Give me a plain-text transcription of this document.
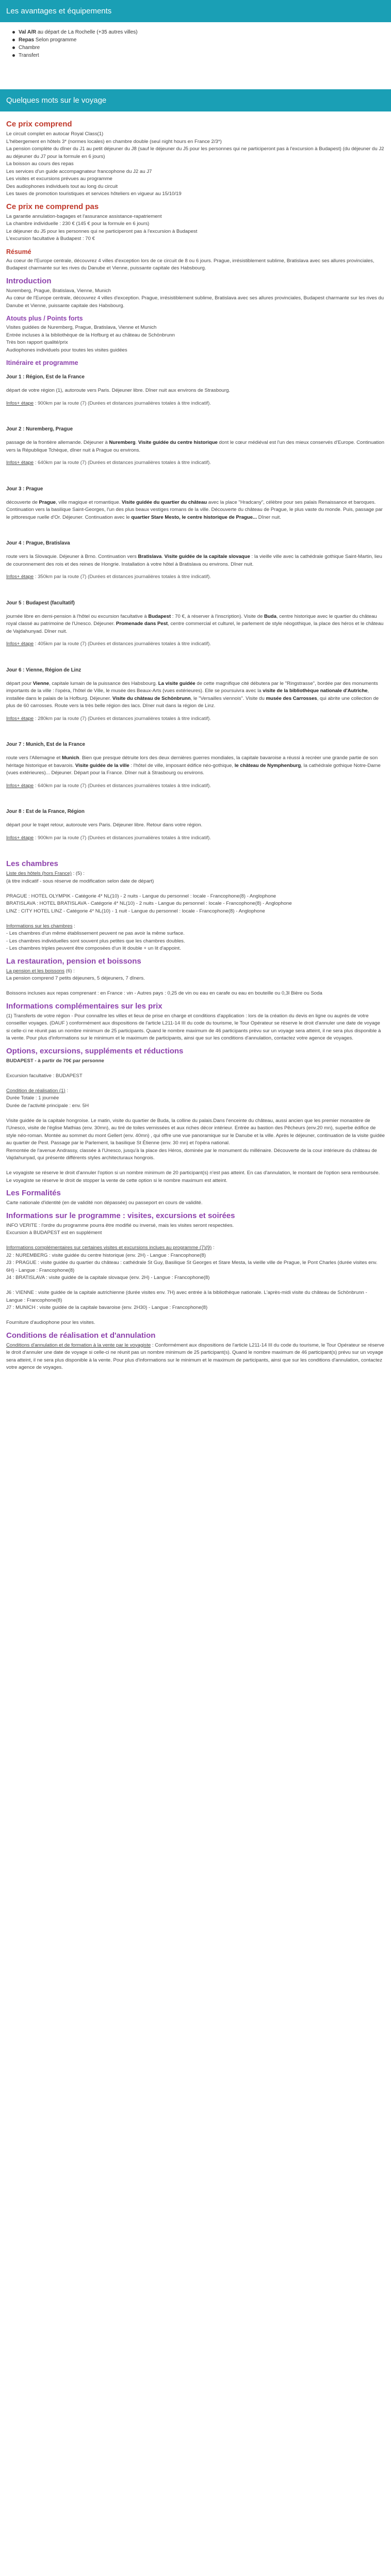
Les avantages et équipements
Val A/R au départ de La Rochelle (+35 autres villes)
Repas Selon programme
Chambre
Transfert
Quelques mots sur le voyage
Ce prix comprend

Le circuit complet en autocar Royal Class(1)

L'hébergement en hôtels 3* (normes locales) en chambre double (seul night hours en France 2/3*)

La pension complète du dîner du J1 au petit déjeuner du J8 (sauf le déjeuner du J5 pour les personnes qui ne participeront pas à l'excursion à Budapest) (du déjeuner du J2 au déjeuner du J7 pour la formule en 6 jours)

La boisson au cours des repas

Les services d'un guide accompagnateur francophone du J2 au J7

Les visites et excursions prévues au programme

Des audiophones individuels tout au long du circuit

Les taxes de promotion touristiques et services hôteliers en vigueur au 15/10/19

Ce prix ne comprend pas

La garantie annulation-bagages et l'assurance assistance-rapatriement

La chambre individuelle : 230 € (145 € pour la formule en 6 jours)

Le déjeuner du J5 pour les personnes qui ne participeront pas à l'excursion à Budapest

L'excursion facultative à Budapest : 70 €

Résumé

Au coeur de l'Europe centrale, découvrez 4 villes d'exception lors de ce circuit de 8 ou 6 jours. Prague, irrésistiblement sublime, Bratislava avec ses allures provinciales, Budapest charmante sur les rives du Danube et Vienne, puissante capitale des Habsbourg.

Introduction

Nuremberg, Prague, Bratislava, Vienne, Munich

Au cœur de l'Europe centrale, découvrez 4 villes d'exception. Prague, irrésistiblement sublime, Bratislava avec ses allures provinciales, Budapest charmante sur les rives du Danube et Vienne, puissante capitale des Habsbourg.

Atouts plus / Points forts

Visites guidées de Nuremberg, Prague, Bratislava, Vienne et Munich

Entrée incluses à la bibliothèque de la Hofburg et au château de Schönbrunn

Très bon rapport qualité/prix

Audiophones individuels pour toutes les visites guidées

Itinéraire et programme
Jour 1 : Région, Est de la France
départ de votre région (1), autoroute vers Paris. Déjeuner libre. Dîner nuit aux environs de Strasbourg.
Infos+ étape : 900km par la route (7) (Durées et distances journalières totales à titre indicatif).
Jour 2 : Nuremberg, Prague
passage de la frontière allemande. Déjeuner à Nuremberg. Visite guidée du centre historique dont le cœur médiéval est l'un des mieux conservés d'Europe. Continuation vers la République Tchèque, dîner nuit à Prague ou environs.
Infos+ étape : 640km par la route (7) (Durées et distances journalières totales à titre indicatif).
Jour 3 : Prague
découverte de Prague, ville magique et romantique. Visite guidée du quartier du château avec la place "Hradcany", célèbre pour ses palais Renaissance et baroques. Continuation vers la basilique Saint-Georges, l'un des plus beaux vestiges romans de la ville. Découverte du château de Prague, le plus vaste du monde. Puis, passage par le pittoresque ruelle d'Or. Déjeuner. Continuation avec le quartier Stare Mesto, le centre historique de Prague... Dîner nuit.
Jour 4 : Prague, Bratislava
route vers la Slovaquie. Déjeuner à Brno. Continuation vers Bratislava. Visite guidée de la capitale slovaque : la vieille ville avec la cathédrale gothique Saint-Martin, lieu de couronnement des rois et des reines de Hongrie. Installation à votre hôtel à Bratislava ou environs. Dîner nuit.
Infos+ étape : 350km par la route (7) (Durées et distances journalières totales à titre indicatif).
Jour 5 : Budapest (facultatif)
journée libre en demi-pension à l'hôtel ou excursion facultative à Budapest : 70 €, à réserver à l'inscription). Visite de Buda, centre historique avec le quartier du château royal classé au patrimoine de l'Unesco. Déjeuner. Promenade dans Pest, centre commercial et culturel, le parlement de style néogothique, la place des héros et le château de Vajdahunyad. Dîner nuit.
Infos+ étape : 405km par la route (7) (Durées et distances journalières totales à titre indicatif).
Jour 6 : Vienne, Région de Linz
départ pour Vienne, capitale lumain de la puissance des Habsbourg. La visite guidée de cette magnifique cité débutera par le "Ringstrasse", bordée par des monuments importants de la ville : l'opéra, l'hôtel de Ville, le musée des Beaux-Arts (vues extérieures). Elle se poursuivra avec la visite de la bibliothèque nationale d'Autriche, installée dans le palais de la Hofburg. Déjeuner. Visite du château de Schönbrunn, le "Versailles viennois". Visite du musée des Carrosses, qui abrite une collection de plus de 60 carrosses. Route vers la très belle région des lacs. Dîner nuit dans la région de Linz.
Infos+ étape : 280km par la route (7) (Durées et distances journalières totales à titre indicatif).
Jour 7 : Munich, Est de la France
route vers l'Allemagne et Munich. Bien que presque détruite lors des deux dernières guerres mondiales, la capitale bavaroise a réussi à recréer une grande partie de son héritage historique et bavarois. Visite guidée de la ville : l'hôtel de ville, imposant édifice néo-gothique, le château de Nymphenburg, la cathédrale gothique Notre-Dame (vues extérieures)... Déjeuner. Départ pour la France. Dîner nuit à Strasbourg ou environs.
Infos+ étape : 640km par la route (7) (Durées et distances journalières totales à titre indicatif).
Jour 8 : Est de la France, Région
départ pour le trajet retour, autoroute vers Paris. Déjeuner libre. Retour dans votre région.
Infos+ étape : 900km par la route (7) (Durées et distances journalières totales à titre indicatif).
Les chambres

Liste des hôtels (hors France) : (5) :

(à titre indicatif - sous réserve de modification selon date de départ)

PRAGUE : HOTEL OLYMPIK - Catégorie 4* NL(10) - 2 nuits - Langue du personnel : locale - Francophone(8) - Anglophone

BRATISLAVA : HOTEL BRATISLAVA - Catégorie 4* NL(10) - 2 nuits - Langue du personnel : locale - Francophone(8) - Anglophone

LINZ : CITY HOTEL LINZ - Catégorie 4* NL(10) - 1 nuit - Langue du personnel : locale - Francophone(8) - Anglophone

Informations sur les chambres :

- Les chambres d'un même établissement peuvent ne pas avoir la même surface.

- Les chambres individuelles sont souvent plus petites que les chambres doubles.

- Les chambres triples peuvent être composées d'un lit double + un lit d'appoint.

La restauration, pension et boissons

La pension et les boissons (6) :

La pension comprend 7 petits déjeuners, 5 déjeuners, 7 dîners.

Boissons incluses aux repas comprenant : en France : vin - Autres pays : 0,25 de vin ou eau en carafe ou eau en bouteille ou 0,3l Bière ou Soda

Informations complémentaires sur les prix

(1) Transferts de votre région - Pour connaître les villes et lieux de prise en charge et conditions d'application : lors de la création du devis en ligne ou auprès de votre conseiller voyages. (DAUF ) conformément aux dispositions de l'article L211-14 III du code du tourisme, le Tour Opérateur se réserve le droit d'annuler une date de voyage si celle-ci ne réunit pas un nombre minimum de 25 participants. Quand le nombre maximum de 46 participants prévu sur un voyage sera atteint, il ne sera plus disponible à la vente. Pour plus d'informations sur le minimum et le maximum de participants, ainsi que sur les conditions d'annulation, contactez votre agence de voyages.

Options, excursions, suppléments et réductions

BUDAPEST - à partir de 70€ par personne

Excursion facultative : BUDAPEST

Condition de réalisation (1) :

Durée Totale : 1 journée

Durée de l'activité principale : env. 5H

Visite guidée de la capitale hongroise. Le matin, visite du quartier de Buda, la colline du palais.Dans l'enceinte du château, aussi ancien que les premier monastère de l'Unesco, visite de l'église Mathias (env. 30mn), au tiré de toiles vernissées et aux riches décor intérieur. Entrée au bastion des Pêcheurs (env.20 mn), superbe édifice de style néo-roman. Montée au sommet du mont Gellert (env. 40mn) , qui offre une vue panoramique sur le Danube et la ville. Après le déjeuner, continuation de la visite guidée au quartier de Pest. Passage par le Parlement, la basilique St Étienne (env. 30 mn) et l'opéra national.

Remontée de l'avenue Andrassy, classée à l'Unesco, jusqu'à la place des Héros, dominée par le monument du millénaire. Découverte de la cour intérieure du château de Vajdahunyad, qui présente différents styles architecturaux hongrois.

Le voyagiste se réserve le droit d'annuler l'option si un nombre minimum de 20 participant(s) n'est pas atteint. En cas d'annulation, le montant de l'option sera remboursée.

Le voyagiste se réserve le droit de stopper la vente de cette option si le nombre maximum est atteint.

Les Formalités

Carte nationale d'identité (en de validité non dépassée) ou passeport en cours de validité.

Informations sur le programme : visites, excursions et soirées

INFO VERITE : l'ordre du programme pourra être modifié ou inversé, mais les visites seront respectées.

Excursion à BUDAPEST est en supplément

Informations complémentaires sur certaines visites et excursions inclues au programme (7)(9) :

J2 : NUREMBERG : visite guidée du centre historique (env. 2H) - Langue : Francophone(8)

J3 : PRAGUE : visite guidée du quartier du château : cathédrale St Guy, Basilique St Georges et Stare Mesta, la vieille ville de Prague, le Pont Charles (durée visites env. 6H) - Langue : Francophone(8)

J4 : BRATISLAVA : visite guidée de la capitale slovaque (env. 2H) - Langue : Francophone(8)

J6 : VIENNE : visite guidée de la capitale autrichienne (durée visites env. 7H) avec entrée à la bibliothèque nationale. L'après-midi visite du château de Schönbrunn - Langue : Francophone(8)

J7 : MUNICH : visite guidée de la capitale bavaroise (env. 2H30) - Langue : Francophone(8)

Fourniture d'audiophone pour les visites.

Conditions de réalisation et d'annulation

Conditions d'annulation et de formation à la vente par le voyagiste : Conformément aux dispositions de l'article L211-14 III du code du tourisme, le Tour Opérateur se réserve le droit d'annuler une date de voyage si celle-ci ne réunit pas un nombre minimum de 25 participant(s). Quand le nombre maximum de 46 participant(s) prévu sur un voyage sera atteint, il ne sera plus disponible à la vente. Pour plus d'informations sur le minimum et le maximum de participants, ainsi que sur les conditions d'annulation, contactez votre agence de voyages.
